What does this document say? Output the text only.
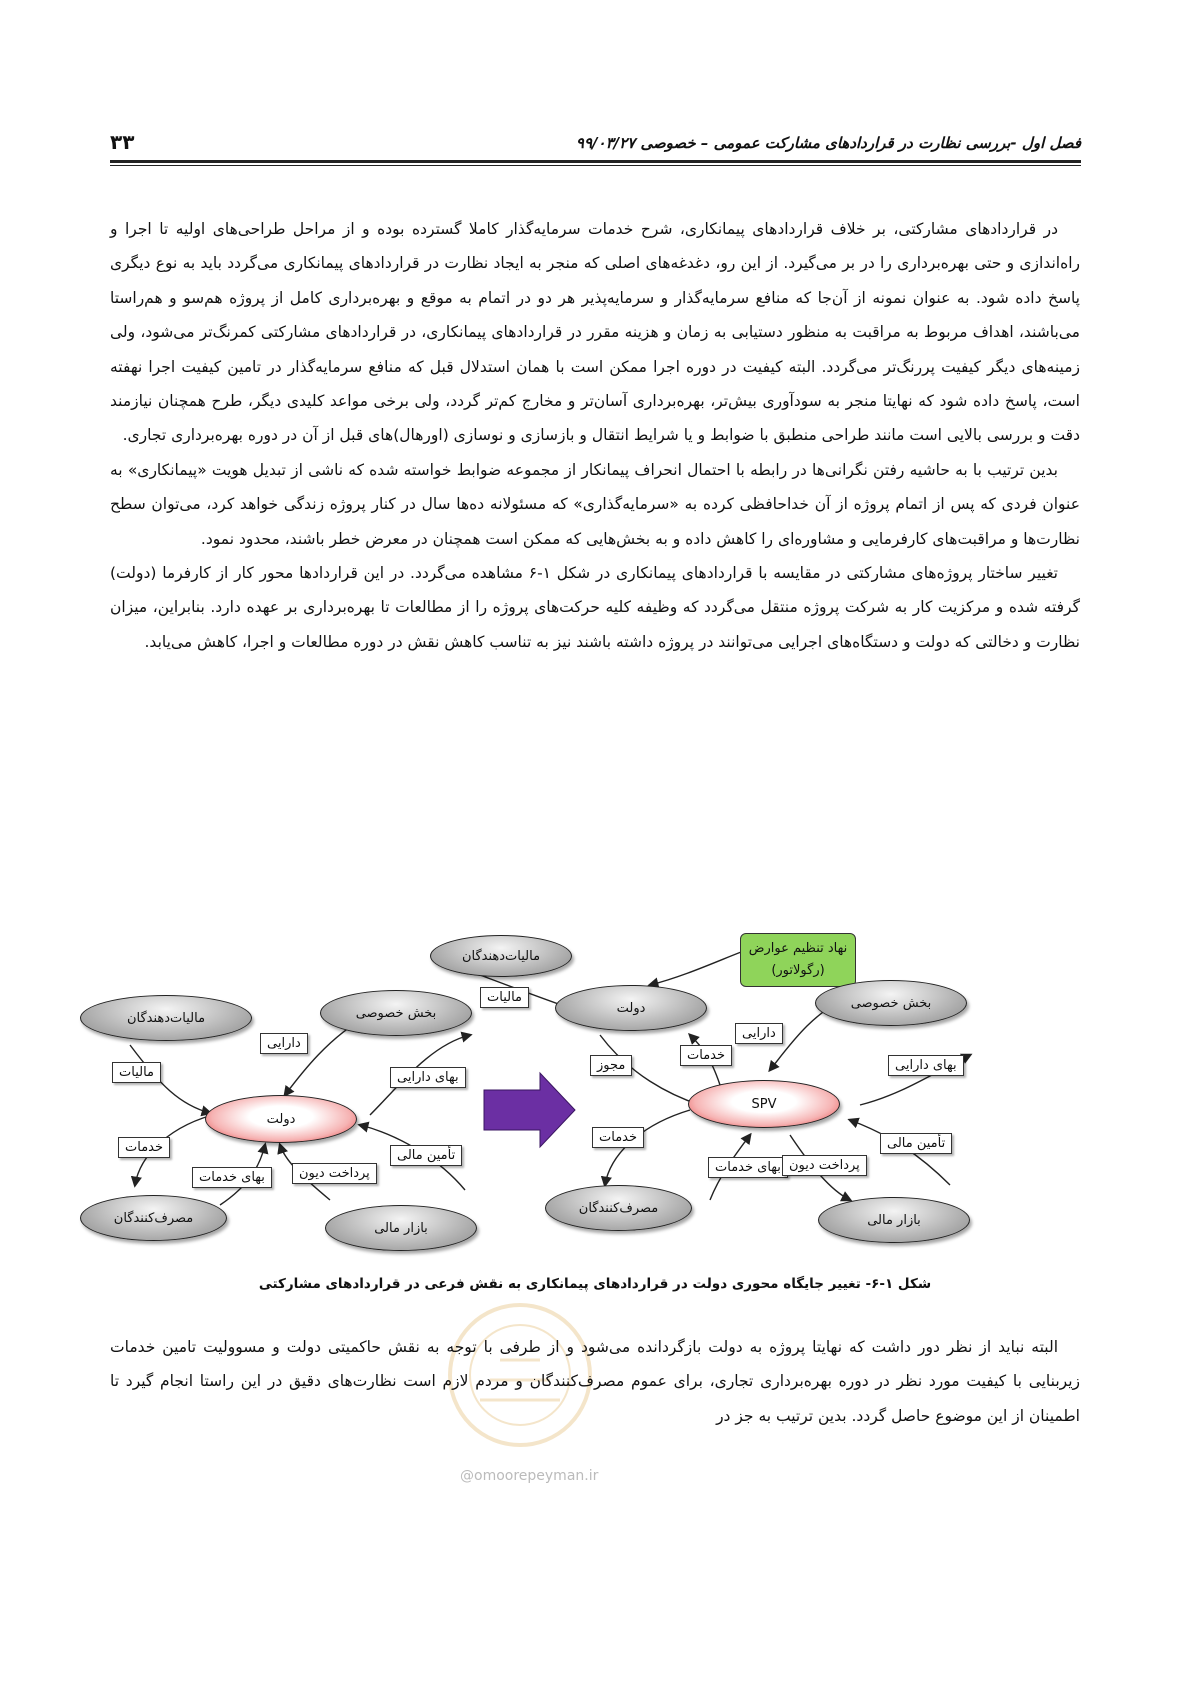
فصل اول -بررسی نظارت در قراردادهای مشارکت عمومی – خصوصی ۹۹/۰۳/۲۷
۳۳

در قراردادهای مشارکتی، بر خلاف قراردادهای پیمانکاری، شرح خدمات سرمایه‌گذار کاملا گسترده بوده و از مراحل طراحی‌های اولیه تا اجرا و راه‌اندازی و حتی بهره‌برداری را در بر می‌گیرد. از این رو، دغدغه‌های اصلی که منجر به ایجاد نظارت در قراردادهای پیمانکاری می‌گردد باید به نوع دیگری پاسخ داده شود. به عنوان نمونه از آن‌جا که منافع سرمایه‌گذار و سرمایه‌پذیر هر دو در اتمام به موقع و بهره‌برداری کامل از پروژه هم‌سو و هم‌راستا می‌باشند، اهداف مربوط به مراقبت به منظور دستیابی به زمان و هزینه مقرر در قراردادهای پیمانکاری، در قراردادهای مشارکتی کمرنگ‌تر می‌شود، ولی زمینه‌های دیگر کیفیت پررنگ‌تر می‌گردد. البته کیفیت در دوره اجرا ممکن است با همان استدلال قبل که منافع سرمایه‌گذار در تامین کیفیت اجرا نهفته است، پاسخ داده شود که نهایتا منجر به سودآوری بیش‌تر، بهره‌برداری آسان‌تر و مخارج کم‌تر گردد، ولی برخی مواعد کلیدی دیگر، طرح همچنان نیازمند دقت و بررسی بالایی است مانند طراحی منطبق با ضوابط و یا شرایط انتقال و بازسازی و نوسازی (اورهال)های قبل از آن در دوره بهره‌برداری تجاری.

بدین ترتیب با به حاشیه رفتن نگرانی‌ها در رابطه با احتمال انحراف پیمانکار از مجموعه ضوابط خواسته شده که ناشی از تبدیل هویت «پیمانکاری» به عنوان فردی که پس از اتمام پروژه از آن خداحافظی کرده به «سرمایه‌گذاری» که مسئولانه ده‌ها سال در کنار پروژه زندگی خواهد کرد، می‌توان سطح نظارت‌ها و مراقبت‌های کارفرمایی و مشاوره‌ای را کاهش داده و به بخش‌هایی که ممکن است همچنان در معرض خطر باشند، محدود نمود.

تغییر ساختار پروژه‌های مشارکتی در مقایسه با قراردادهای پیمانکاری در شکل ۱-۶ مشاهده می‌گردد. در این قراردادها محور کار از کارفرما (دولت) گرفته شده و مرکزیت کار به شرکت پروژه منتقل می‌گردد که وظیفه کلیه حرکت‌های پروژه را از مطالعات تا بهره‌برداری بر عهده دارد. بنابراین، میزان نظارت و دخالتی که دولت و دستگاه‌های اجرایی می‌توانند در پروژه داشته باشند نیز به تناسب کاهش نقش در دوره مطالعات و اجرا، کاهش می‌یابد.

مالیات‌دهندگان	بخش خصوصی
دولت
مصرف‌کنندگان
بازار مالی
مالیات
دارایی
بهای دارایی
خدمات
بهای خدمات	پرداخت دیون
تأمین مالی
مالیات‌دهندگان	نهاد تنظیم عوارض (رگولاتور)
دولت	بخش خصوصی
SPV
مصرف‌کنندگان
بازار مالی
مالیات
مجوز
دارایی
خدمات
بهای دارایی
خدمات
بهای خدمات پرداخت دیون
تأمین مالی
شکل ۱-۶- تغییر جایگاه محوری دولت در قراردادهای پیمانکاری به نقش فرعی در قراردادهای مشارکتی

البته نباید از نظر دور داشت که نهایتا پروژه به دولت بازگردانده می‌شود و از طرفی با توجه به نقش حاکمیتی دولت و مسوولیت تامین خدمات زیربنایی با کیفیت مورد نظر در دوره بهره‌برداری تجاری، برای عموم مصرف‌کنندگان و مردم لازم است نظارت‌های دقیق در این راستا انجام گیرد تا اطمینان از این موضوع حاصل گردد. بدین ترتیب به جز در

@omoorepeyman.ir
